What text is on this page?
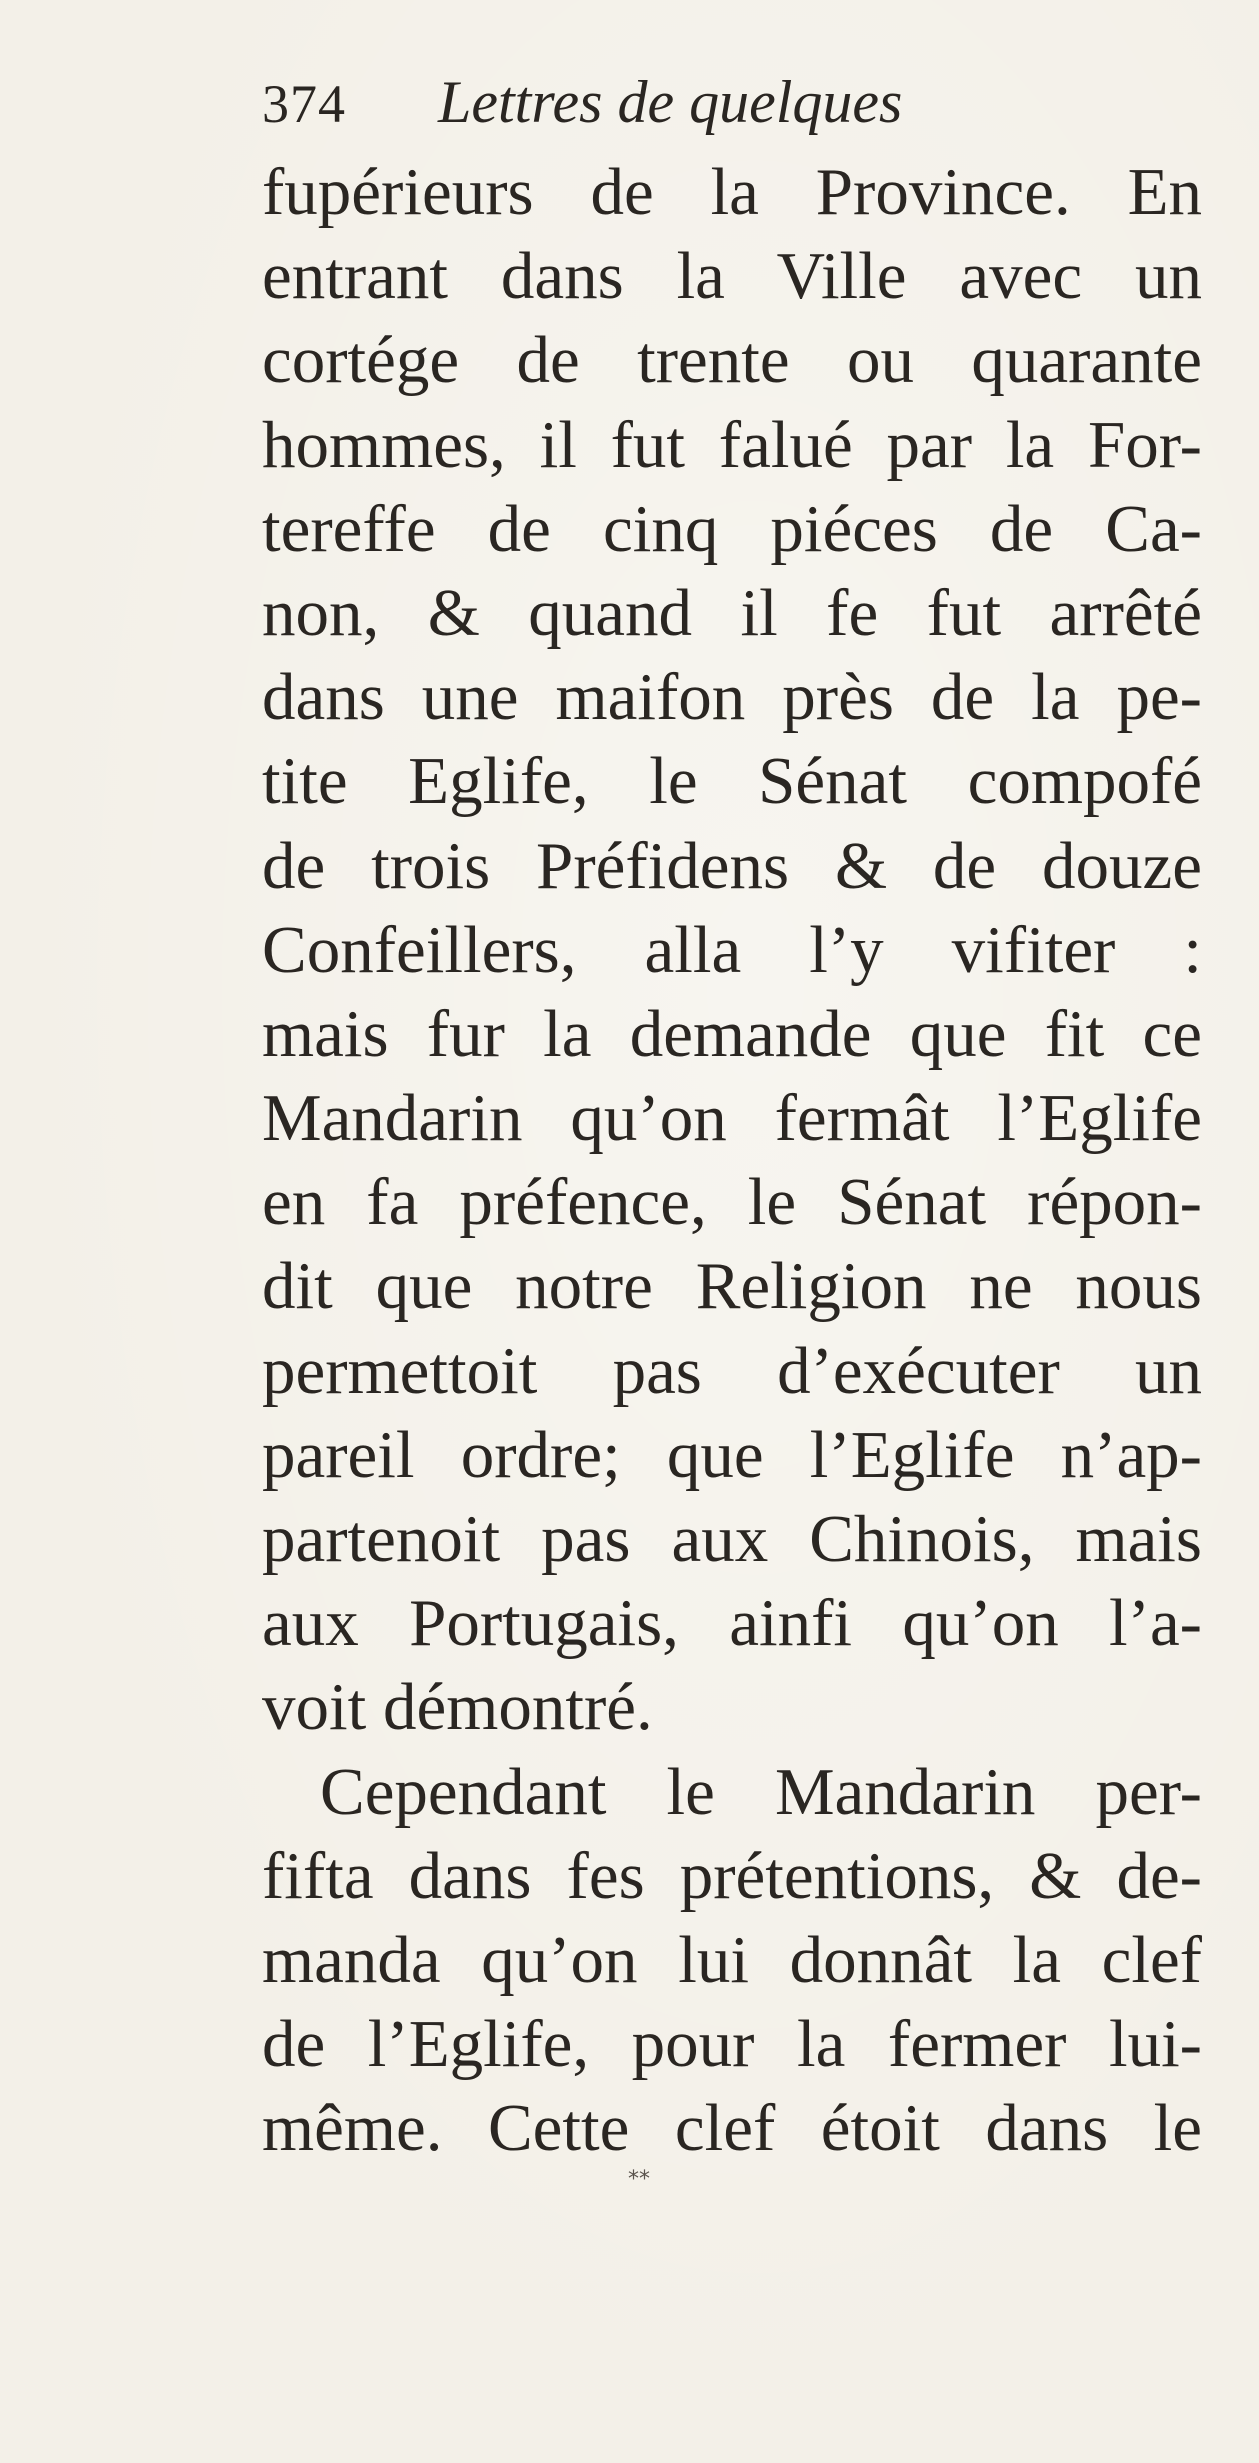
374 Lettres de quelques
fupérieurs de la Province. En
entrant dans la Ville avec un
cortége de trente ou quarante
hommes, il fut falué par la For-
tereffe de cinq piéces de Ca-
non, & quand il fe fut arrêté
dans une maifon près de la pe-
tite Eglife, le Sénat compofé
de trois Préfidens & de douze
Confeillers, alla l’y vifiter :
mais fur la demande que fit ce
Mandarin qu’on fermât l’Eglife
en fa préfence, le Sénat répon-
dit que notre Religion ne nous
permettoit pas d’exécuter un
pareil ordre; que l’Eglife n’ap-
partenoit pas aux Chinois, mais
aux Portugais, ainfi qu’on l’a-
voit démontré.
Cependant le Mandarin per-
fifta dans fes prétentions, & de-
manda qu’on lui donnât la clef
de l’Eglife, pour la fermer lui-
même. Cette clef étoit dans le
⁎⁎
